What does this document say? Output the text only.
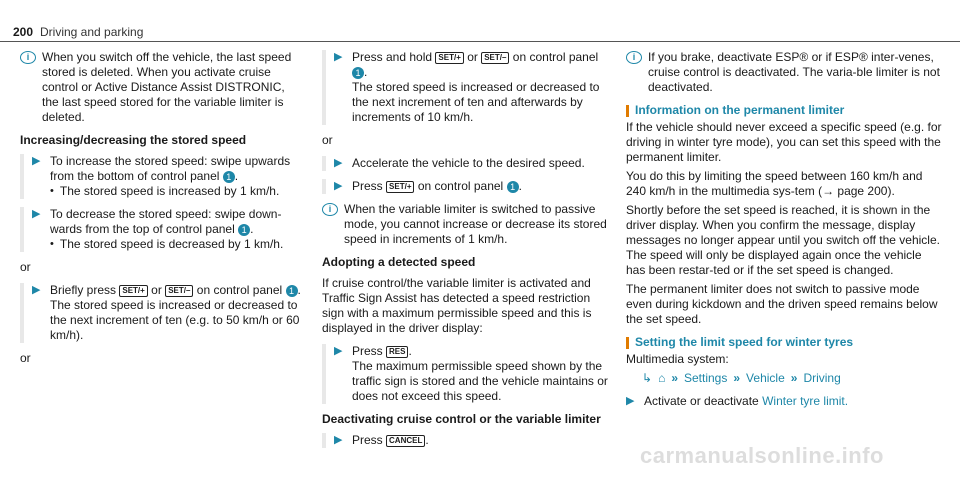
200 Driving and parking
i	When you switch off the vehicle, the last speed stored is deleted. When you activate cruise control or Active Distance Assist DISTRONIC, the last speed stored for the variable limiter is deleted.

Increasing/decreasing the stored speed

▶ To increase the stored speed: swipe upwards from the bottom of control panel 1 .

• The stored speed is increased by 1 km/h.
▶ To decrease the stored speed: swipe down-wards from the top of control panel 1 .

• The stored speed is decreased by 1 km/h.

or

▶ Briefly press SET/+ or SET/– on control panel 1 .

The stored speed is increased or decreased to the next increment of ten (e.g. to 50 km/h or 60 km/h).

or

▶ Press and hold SET/+ or SET/– on control panel 1 .

The stored speed is increased or decreased to the next increment of ten and afterwards by increments of 10 km/h.

or

▶ Accelerate the vehicle to the desired speed.

▶ Press SET/+ on control panel 1 .

i	When the variable limiter is switched to passive mode, you cannot increase or decrease its stored speed in increments of 1 km/h.

Adopting a detected speed

If cruise control/the variable limiter is activated and Traffic Sign Assist has detected a speed restriction sign with a maximum permissible speed and this is displayed in the driver display:

▶ Press RES .

The maximum permissible speed shown by the traffic sign is stored and the vehicle maintains or does not exceed this speed.

Deactivating cruise control or the variable limiter

▶ Press CANCEL .

i	If you brake, deactivate ESP® or if ESP® inter-venes, cruise control is deactivated. The varia-ble limiter is not deactivated.

Information on the permanent limiter

If the vehicle should never exceed a specific speed (e.g. for driving in winter tyre mode), you can set this speed with the permanent limiter.

You do this by limiting the speed between 160 km/h and 240 km/h in the multimedia sys-tem (→ page 200).

Shortly before the set speed is reached, it is shown in the driver display. When you confirm the message, display messages no longer appear until you switch off the vehicle. The speed will only be displayed again once the vehicle has been restar-ted or if the set speed is changed.

The permanent limiter does not switch to passive mode even during kickdown and the driven speed remains below the set speed.

Setting the limit speed for winter tyres

Multimedia system:

↳ ⌂ » Settings » Vehicle » Driving
▶ Activate or deactivate Winter tyre limit.

carmanualsonline.info
